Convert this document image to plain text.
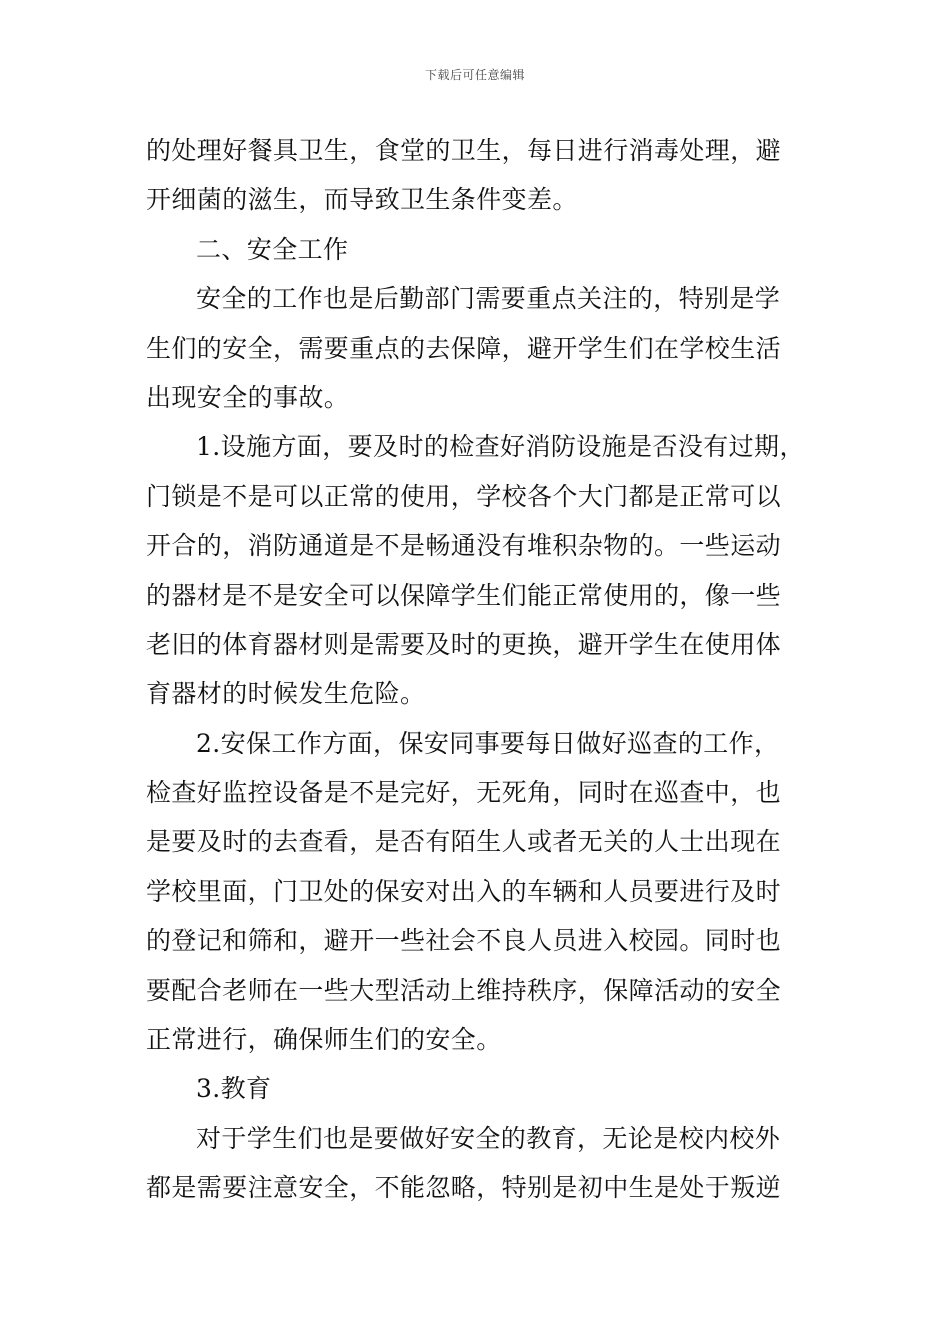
下载后可任意编辑
的处理好餐具卫生，食堂的卫生，每日进行消毒处理，避
开细菌的滋生，而导致卫生条件变差。
二、安全工作
安全的工作也是后勤部门需要重点关注的，特别是学
生们的安全，需要重点的去保障，避开学生们在学校生活
出现安全的事故。
1.设施方面，要及时的检查好消防设施是否没有过期，
门锁是不是可以正常的使用，学校各个大门都是正常可以
开合的，消防通道是不是畅通没有堆积杂物的。一些运动
的器材是不是安全可以保障学生们能正常使用的，像一些
老旧的体育器材则是需要及时的更换，避开学生在使用体
育器材的时候发生危险。
2.安保工作方面，保安同事要每日做好巡查的工作，
检查好监控设备是不是完好，无死角，同时在巡查中，也
是要及时的去查看，是否有陌生人或者无关的人士出现在
学校里面，门卫处的保安对出入的车辆和人员要进行及时
的登记和筛和，避开一些社会不良人员进入校园。同时也
要配合老师在一些大型活动上维持秩序，保障活动的安全
正常进行，确保师生们的安全。
3.教育
对于学生们也是要做好安全的教育，无论是校内校外
都是需要注意安全，不能忽略，特别是初中生是处于叛逆
